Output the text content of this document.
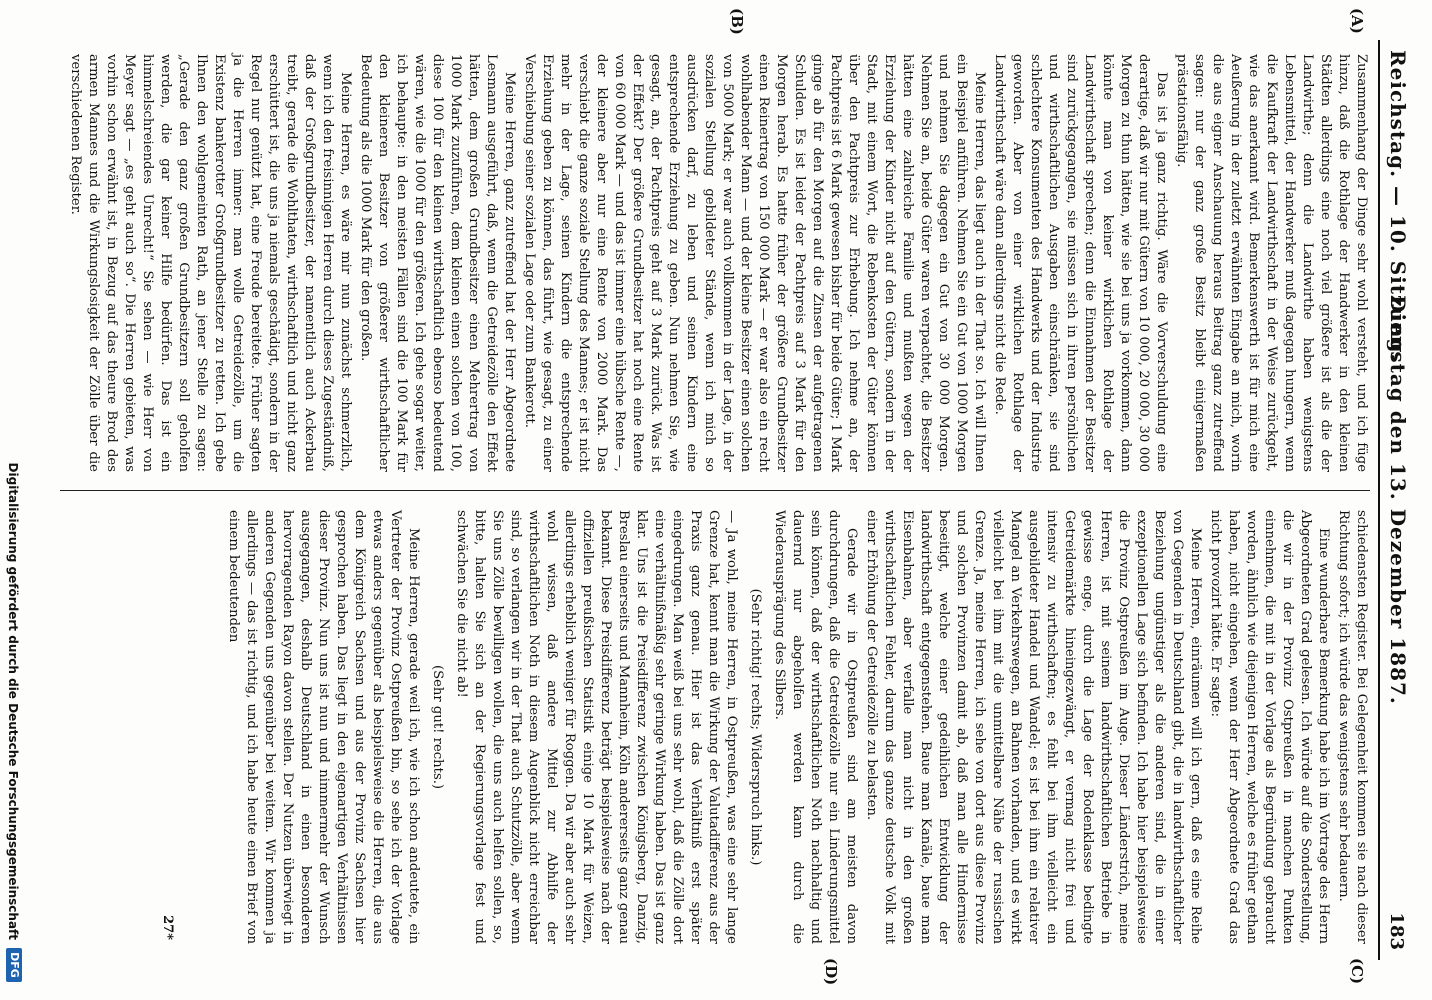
Reichstag. — 10. Sitzung.
Dienstag den 13. Dezember 1887.
183
(A)
(B)
(C)
(D)

Zusammenhang der Dinge sehr wohl versteht, und ich füge hinzu, daß die Rothlage der Handwerker in den kleinen Städten allerdings eine noch viel größere ist als die der Landwirthe; denn die Landwirthe haben wenigstens Lebensmittel, der Handwerker muß dagegan hungern, wenn die Kaufkraft der Landwirthschaft in der Weise zurückgeht, wie das anerkannt wird. Bemerkenswerth ist für mich eine Aeußerung in der zuletzt erwähnten Eingabe an mich, worin die aus eigner Anschauung heraus Beitrag ganz zutreffend sagen: nur der ganz große Besitz bleibt einigermaßen prästationsfähig.

Das ist ja ganz richtig. Wäre die Vorverschuldung eine derartige, daß wir nur mit Gütern von 10 000, 20 000, 30 000 Morgen zu thun hätten, wie sie bei uns ja vorkommen, dann könnte man von keiner wirklichen Rothlage der Landwirthschaft sprechen; denn die Einnahmen der Besitzer sind zurückgegangen, sie müssen sich in ihren persönlichen und wirthschaftlichen Ausgaben einschränken, sie sind schlechtere Konsumenten des Handwerks und der Industrie geworden. Aber von einer wirklichen Rothlage der Landwirthschaft wäre dann allerdings nicht die Rede.

Meine Herren, das liegt auch in der That so. Ich will Ihnen ein Beispiel anführen. Nehmen Sie ein Gut von 1000 Morgen und nehmen Sie dagegen ein Gut von 30 000 Morgen. Nehmen Sie an, beide Güter waren verpachtet, die Besitzer hätten eine zahlreiche Familie und mußten wegen der Erziehung der Kinder nicht auf den Gütern, sondern in der Stadt, mit einem Wort, die Rebenkosten der Güter können über den Pachtpreis zur Erhebung. Ich nehme an, der Pachtpreis ist 6 Mark gewesen bisher für beide Güter; 1 Mark ginge ab für den Morgen auf die Zinsen der aufgetragenen Schulden. Es ist leider der Pachtpreis auf 3 Mark für den Morgen herab. Es hatte früher der größere Grundbesitzer einen Reinertrag von 150 000 Mark — er war also ein recht wohlhabender Mann — und der kleine Besitzer einen solchen von 5000 Mark; er war auch vollkommen in der Lage, in der sozialen Stellung gebildeter Stände, wenn ich mich so ausdrücken darf, zu leben und seinen Kindern eine entsprechende Erziehung zu geben. Nun nehmen Sie, wie gesagt, an, der Pachtpreis geht auf 3 Mark zurück. Was ist der Effekt? Der größere Grundbesitzer hat noch eine Rente von 60 000 Mark — und das ist immer eine hübsche Rente —, der kleinere aber nur eine Rente von 2000 Mark. Das verschiebt die ganze soziale Stellung des Mannes; er ist nicht mehr in der Lage, seinen Kindern die entsprechende Erziehung geben zu können, das führt, wie gesagt, zu einer Verschiebung seiner sozialen Lage oder zum Bankerott.

Meine Herren, ganz zutreffend hat der Herr Abgeordnete Lesmann ausgeführt, daß, wenn die Getreidezölle den Effekt hätten, dem großen Grundbesitzer einen Mehrertrag von 1000 Mark zuzuführen, dem kleinen einen solchen von 100, diese 100 für den kleinen wirthschaftlich ebenso bedeutend wären, wie die 1000 für den größeren. Ich gehe sogar weiter, ich behaupte: in den meisten Fällen sind die 100 Mark für den kleineren Besitzer von größerer wirthschaftlicher Bedeutung als die 1000 Mark für den großen.

Meine Herren, es wäre mir nun zunächst schmerzlich, wenn ich den freisinnigen Herren durch dieses Zugeständniß, daß der Großgrundbesitzer, der namentlich auch Ackerbau treibt, gerade die Wohlthaten, wirthschaftlich und nicht ganz erschüttert ist, die uns ja niemals geschädigt, sondern in der Regel nur genützt hat, eine Freude bereitete. Früher sagten ja die Herren immer: man wolle Getreidezölle, um die Existenz bankerotter Großgrundbesitzer zu retten. Ich gebe Ihnen den wohlgemeinten Rath, an jener Stelle zu sagen: „Gerade den ganz großen Grundbesitzern soll geholfen werden, die gar keiner Hilfe bedürfen. Das ist ein himmelschreiendes Unrecht!“ Sie sehen — wie Herr von Meyer sagt — „es geht auch so“. Die Herren gebieten, was vorhin schon erwähnt ist, in Bezug auf das theure Brod des armen Mannes und die Wirkungslosigkeit der Zölle über die verschiedenen Register.

schiedensten Register. Bei Gelegenheit kommen sie nach dieser Richtung sofort; ich würde das wenigstens sehr bedauern.

Eine wunderbare Bemerkung habe ich im Vortrage des Herrn Abgeordneten Grad gelesen. Ich würde auf die Sonderstellung, die wir in der Provinz Ostpreußen in manchen Punkten einnehmen, die mit in der Vorlage als Begründung gebraucht worden, ähnlich wie diejenigen Herren, welche es früher gethan haben, nicht eingehen, wenn der Herr Abgeordnete Grad das nicht provozirt hätte. Er sagte:

Meine Herren, einräumen will ich gern, daß es eine Reihe von Gegenden in Deutschland gibt, die in landwirthschaftlicher Beziehung ungünstiger als die anderen sind, die in einer exzeptionellen Lage sich befinden. Ich habe hier beispielsweise die Provinz Ostpreußen im Auge. Dieser Länderstrich, meine Herren, ist mit seinem landwirthschaftlichen Betriebe in gewisse enge, durch die Lage der Bodenklasse bedingte Getreidemärkte hineingezwängt, er vermag nicht frei und intensiv zu wirthschaften; es fehlt bei ihm vielleicht ein ausgebildeter Handel und Wandel; es ist bei ihm ein relativer Mangel an Verkehrswegen, an Bahnen vorhanden, und es wirkt vielleicht bei ihm mit die unmittelbare Nähe der russischen Grenze. Ja, meine Herren, ich sehe von dort aus diese Provinz und solchen Provinzen damit ab, daß man alle Hindernisse beseitigt, welche einer gedeihlichen Entwicklung der landwirthschaft entgegenstehen. Baue man Kanäle, baue man Eisenbahnen, aber verfalle man nicht in den großen wirthschaftlichen Fehler, darum das ganze deutsche Volk mit einer Erhöhung der Getreidezölle zu belasten.

Gerade wir in Ostpreußen sind am meisten davon durchdrungen, daß die Getreidezölle nur ein Linderungsmittel sein können, daß der wirthschaftlichen Noth nachhaltig und dauernd nur abgeholfen werden kann durch die Wiederausprägung des Silbers.

(Sehr richtig! rechts; Widerspruch links.)

— Ja wohl, meine Herren, in Ostpreußen, was eine sehr lange Grenze hat, kennt man die Wirkung der Valutadifferenz aus der Praxis ganz genau. Hier ist das Verhältniß erst später eingedrungen. Man weiß bei uns sehr wohl, daß die Zölle dort eine verhältnißmäßig sehr geringe Wirkung haben. Das ist ganz klar. Uns ist die Preisdifferenz zwischen Königsberg, Danzig, Breslau einerseits und Mannheim, Köln andererseits ganz genau bekannt. Diese Preisdifferenz beträgt beispielsweise nach der offiziellen preußischen Statistik einige 10 Mark für Weizen, allerdings erheblich weniger für Roggen. Da wir aber auch sehr wohl wissen, daß andere Mittel zur Abhilfe der wirthschaftlichen Noth in diesem Augenblick nicht erreichbar sind, so verlangen wir in der That auch Schutzzölle, aber wenn Sie uns Zölle bewilligen wollen, die uns auch helfen sollen, so, bitte, halten Sie sich an der Regierungsvorlage fest und schwächen Sie die nicht ab!

(Sehr gut! rechts.)

Meine Herren, gerade weil ich, wie ich schon andeutete, ein Vertreter der Provinz Ostpreußen bin, so sehe ich der Vorlage etwas anders gegenüber als beispielsweise die Herren, die aus dem Königreich Sachsen und aus der Provinz Sachsen hier gesprochen haben. Das liegt in den eigenartigen Verhältnissen dieser Provinz. Nun uns ist nun und nimmermehr der Wunsch ausgegangen, deshalb Deutschland in einen besonderen hervorragenden Rayon davon stellen. Der Nutzen überwiegt in anderen Gegenden uns gegenüber bei weitem. Wir kommen ja allerdings — das ist richtig, und ich habe heute einen Brief von einem bedeutenden

27*
Digitalisierung gefördert durch die Deutsche Forschungsgemeinschaft
DFG
